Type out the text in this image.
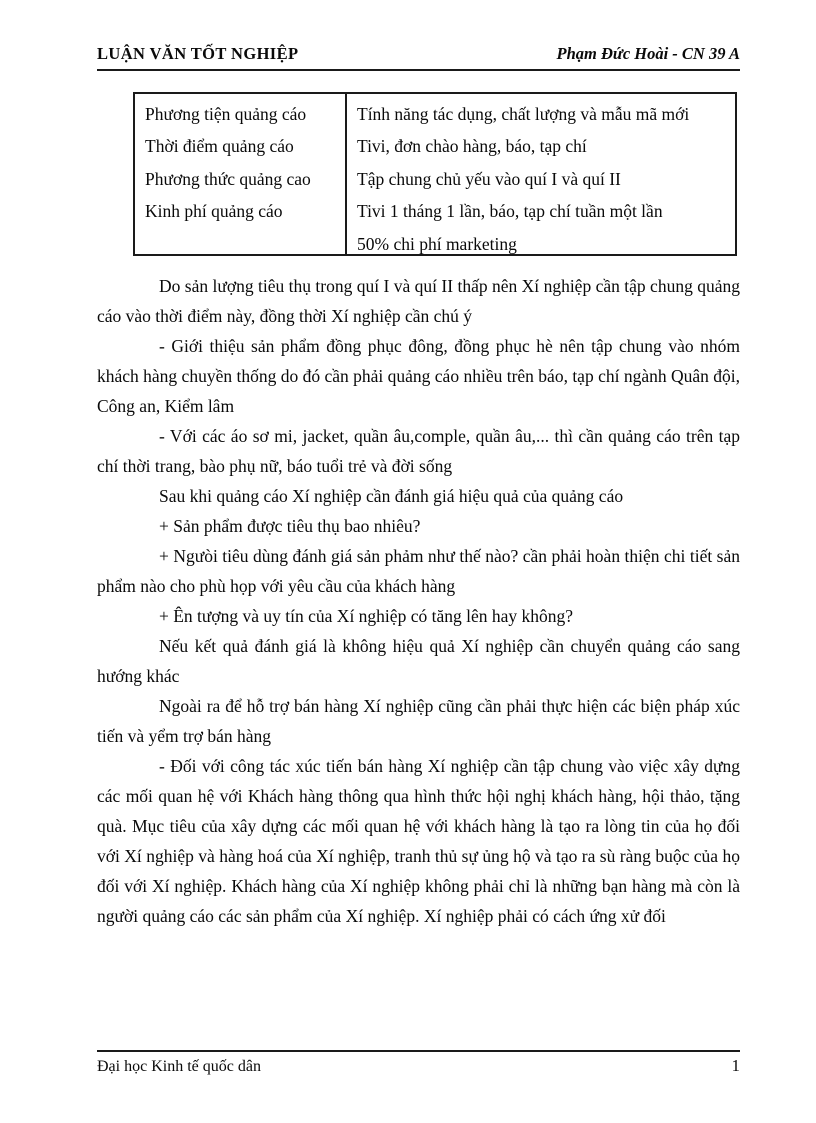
LUẬN VĂN TỐT NGHIỆP	Phạm Đức Hoài - CN 39 A
Phương tiện quảng cáo
Thời điểm quảng cáo
Phương thức quảng cao
Kinh phí quảng cáo
Tính năng tác dụng, chất lượng và mẫu mã mới
Tivi, đơn chào hàng, báo, tạp chí
Tập chung chủ yếu vào quí I và quí II
Tivi 1 tháng 1 lần, báo, tạp chí tuần một lần
50% chi phí marketing

Do sản lượng tiêu thụ trong quí I và quí II thấp nên Xí nghiệp cần tập chung quảng cáo vào thời điểm này, đồng thời Xí nghiệp cần chú ý

- Giới thiệu sản phẩm đồng phục đông, đồng phục hè nên tập chung vào nhóm khách hàng chuyền thống do đó cần phải quảng cáo nhiều trên báo, tạp chí ngành Quân đội, Công an, Kiểm lâm

- Với các áo sơ mi, jacket, quần âu,comple, quần âu,... thì cần quảng cáo trên tạp chí thời trang, bào phụ nữ, báo tuổi trẻ và đời sống

Sau khi quảng cáo Xí nghiệp cần đánh giá hiệu quả của quảng cáo

+ Sản phẩm được tiêu thụ bao nhiêu?

+ Ngưòi tiêu dùng đánh giá sản phảm như thế nào? cần phải hoàn thiện chi tiết sản phẩm nào cho phù họp với yêu cầu của khách hàng

+ Ên tượng và uy tín của Xí nghiệp có tăng lên hay không?

Nếu kết quả đánh giá là không hiệu quả Xí nghiệp cần chuyển quảng cáo sang hướng khác

Ngoài ra để hỗ trợ bán hàng Xí nghiệp cũng cần phải thực hiện các biện pháp xúc tiến và yểm trợ bán hàng

- Đối với công tác xúc tiến bán hàng Xí nghiệp cần tập chung vào việc xây dựng các mối quan hệ với Khách hàng thông qua hình thức hội nghị khách hàng, hội thảo, tặng quà. Mục tiêu của xây dựng các mối quan hệ với khách hàng là tạo ra lòng tin của họ đối với Xí nghiệp và hàng hoá của Xí nghiệp, tranh thủ sự ủng hộ và tạo ra sù ràng buộc của họ đối với Xí nghiệp. Khách hàng của Xí nghiệp không phải chỉ là những bạn hàng mà còn là người quảng cáo các sản phẩm của Xí nghiệp. Xí nghiệp phải có cách ứng xử đối

Đại học Kinh tế quốc dân	1
